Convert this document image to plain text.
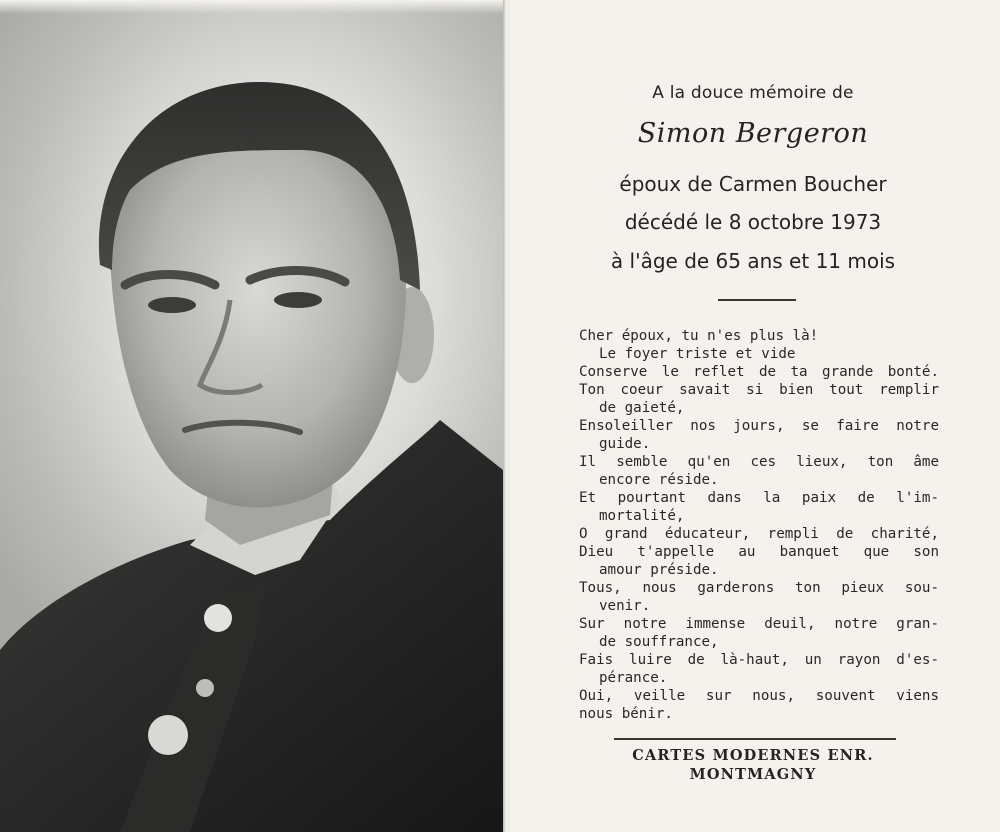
A la douce mémoire de
Simon Bergeron
époux de Carmen Boucher
décédé le 8 octobre 1973
à l'âge de 65 ans et 11 mois
Cher époux, tu n'es plus là!
Le foyer triste et vide
Conserve le reflet de ta grande bonté.
Ton coeur savait si bien tout remplir
de gaieté,
Ensoleiller nos jours, se faire notre
guide.
Il semble qu'en ces lieux, ton âme
encore réside.
Et pourtant dans la paix de l'im-
mortalité,
O grand éducateur, rempli de charité,
Dieu t'appelle au banquet que son
amour préside.
Tous, nous garderons ton pieux sou-
venir.
Sur notre immense deuil, notre gran-
de souffrance,
Fais luire de là-haut, un rayon d'es-
pérance.
Oui, veille sur nous, souvent viens
nous bénir.
CARTES MODERNES ENR.
MONTMAGNY
